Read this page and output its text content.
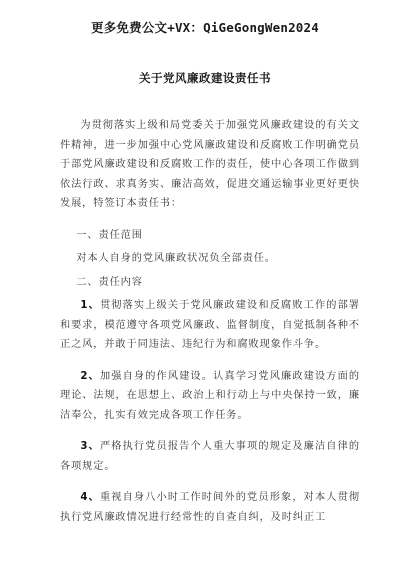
更多免费公文+VX：QiGeGongWen2024
关于党风廉政建设责任书

为贯彻落实上级和局党委关于加强党风廉政建设的有关文件精神，进一步加强中心党风廉政建设和反腐败工作明确党员于部党风廉政建设和反腐败工作的责任，使中心各项工作做到依法行政、求真务实、廉洁高效，促进交通运输事业更好更快发展，特签订本责任书：

一、责任范围

对本人自身的党风廉政状况负全部责任。

二、责任内容

1、贯彻落实上级关于党风廉政建设和反腐败工作的部署和要求，模范遵守各项党风廉政、监督制度，自觉抵制各种不正之风，并敢于同违法、违纪行为和腐败现象作斗争。

2、加强自身的作风建设。认真学习党风廉政建设方面的理论、法规，在思想上、政治上和行动上与中央保持一致，廉洁奉公，扎实有效完成各项工作任务。

3、严格执行党员报告个人重大事项的规定及廉洁自律的各项规定。

4、重视自身八小时工作时间外的党员形象，对本人贯彻执行党风廉政情况进行经常性的自查自纠，及时纠正工
